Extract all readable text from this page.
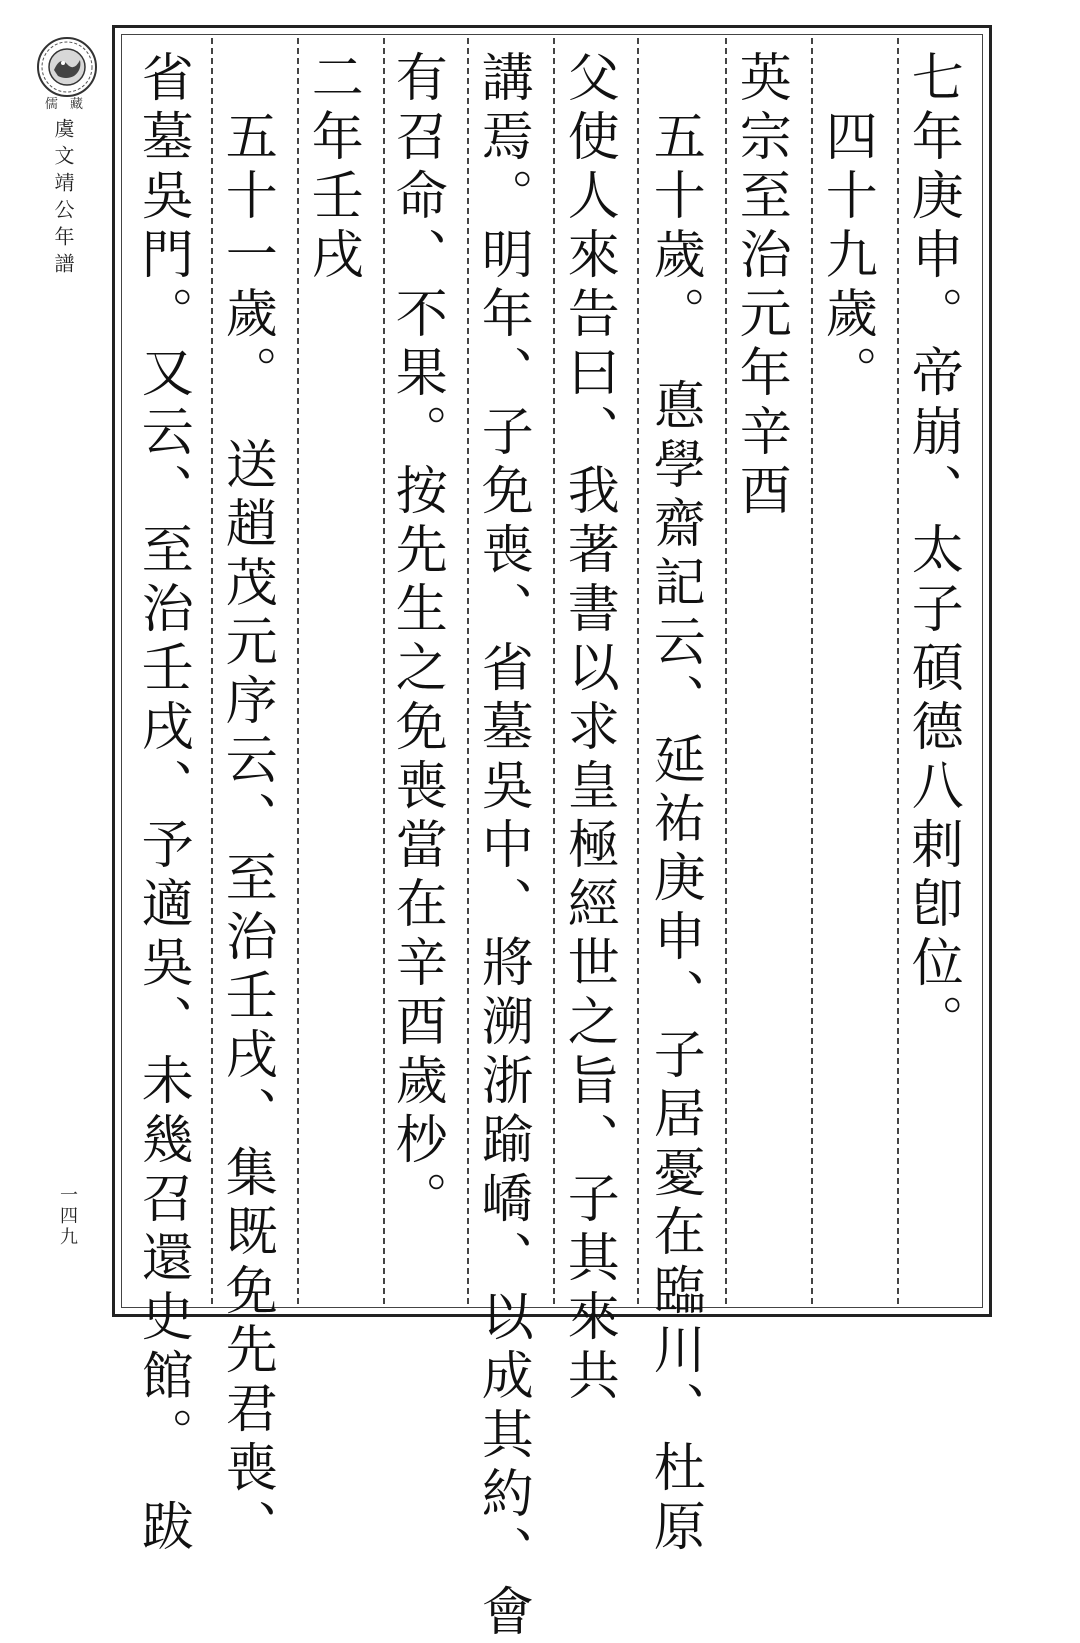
儒 藏
虞文靖公年譜
一四九
七年庚申。帝崩、太子碩德八剌卽位。
　四十九歲。
英宗至治元年辛酉
　五十歲。　悳學齋記云、延祐庚申、子居憂在臨川、杜原
父使人來告曰、我著書以求皇極經世之旨、子其來共
講焉。明年、子免喪、省墓吳中、將溯浙踰嶠、以成其約、會
有召命、不果。按先生之免喪當在辛酉歲杪。
二年壬戌
　五十一歲。　送趙茂元序云、至治壬戌、集既免先君喪、
省墓吳門。又云、至治壬戌、予適吳、未幾召還史館。　跋
